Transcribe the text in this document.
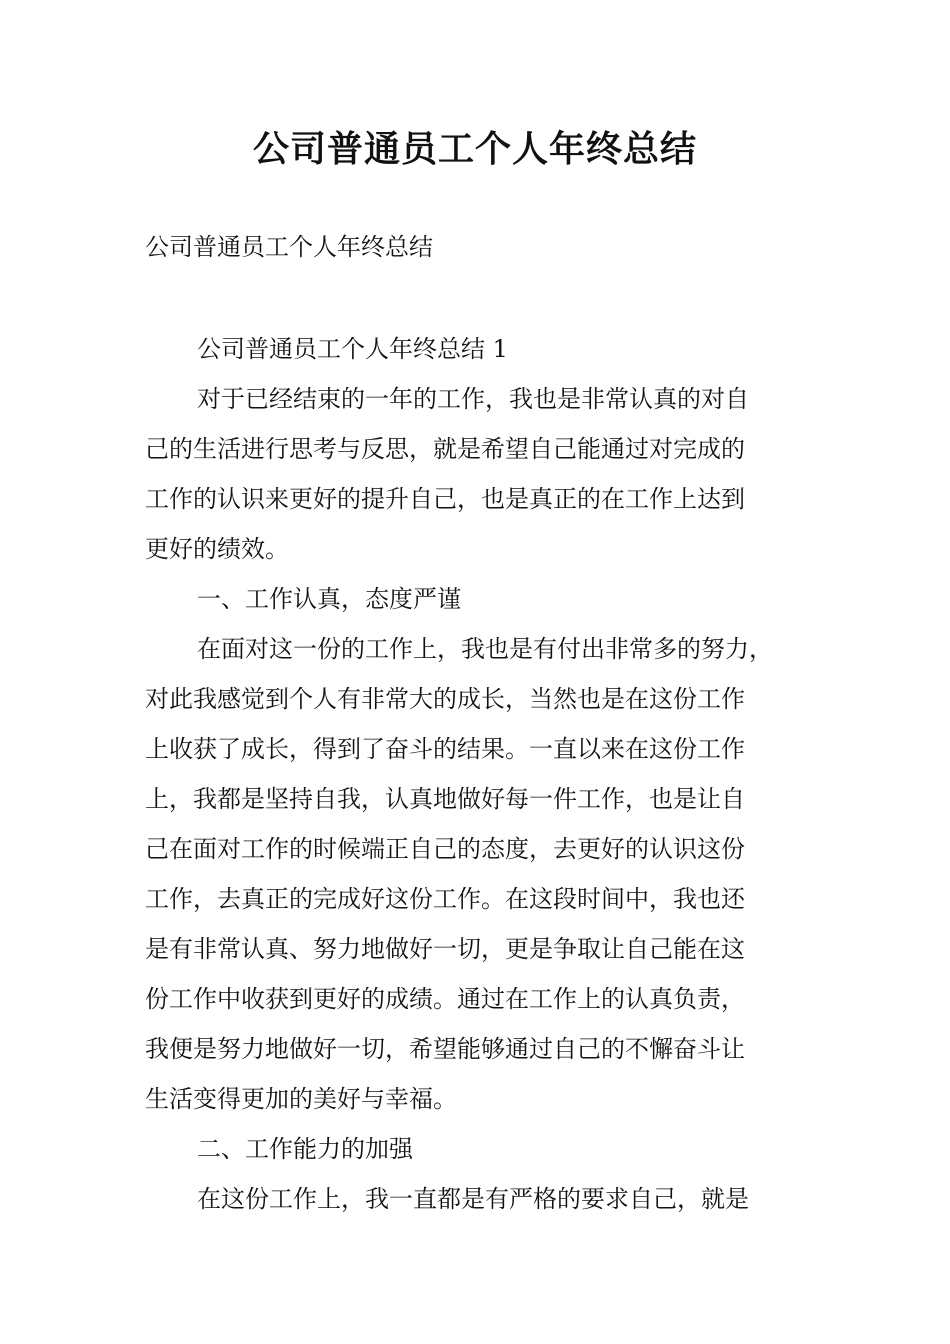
公司普通员工个人年终总结

公司普通员工个人年终总结

公司普通员工个人年终总结 1

对于已经结束的一年的工作，我也是非常认真的对自
己的生活进行思考与反思，就是希望自己能通过对完成的
工作的认识来更好的提升自己，也是真正的在工作上达到
更好的绩效。
一、工作认真，态度严谨
在面对这一份的工作上，我也是有付出非常多的努力，
对此我感觉到个人有非常大的成长，当然也是在这份工作
上收获了成长，得到了奋斗的结果。一直以来在这份工作
上，我都是坚持自我，认真地做好每一件工作，也是让自
己在面对工作的时候端正自己的态度，去更好的认识这份
工作，去真正的完成好这份工作。在这段时间中，我也还
是有非常认真、努力地做好一切，更是争取让自己能在这
份工作中收获到更好的成绩。通过在工作上的认真负责，
我便是努力地做好一切，希望能够通过自己的不懈奋斗让
生活变得更加的美好与幸福。
二、工作能力的加强
在这份工作上，我一直都是有严格的要求自己，就是
